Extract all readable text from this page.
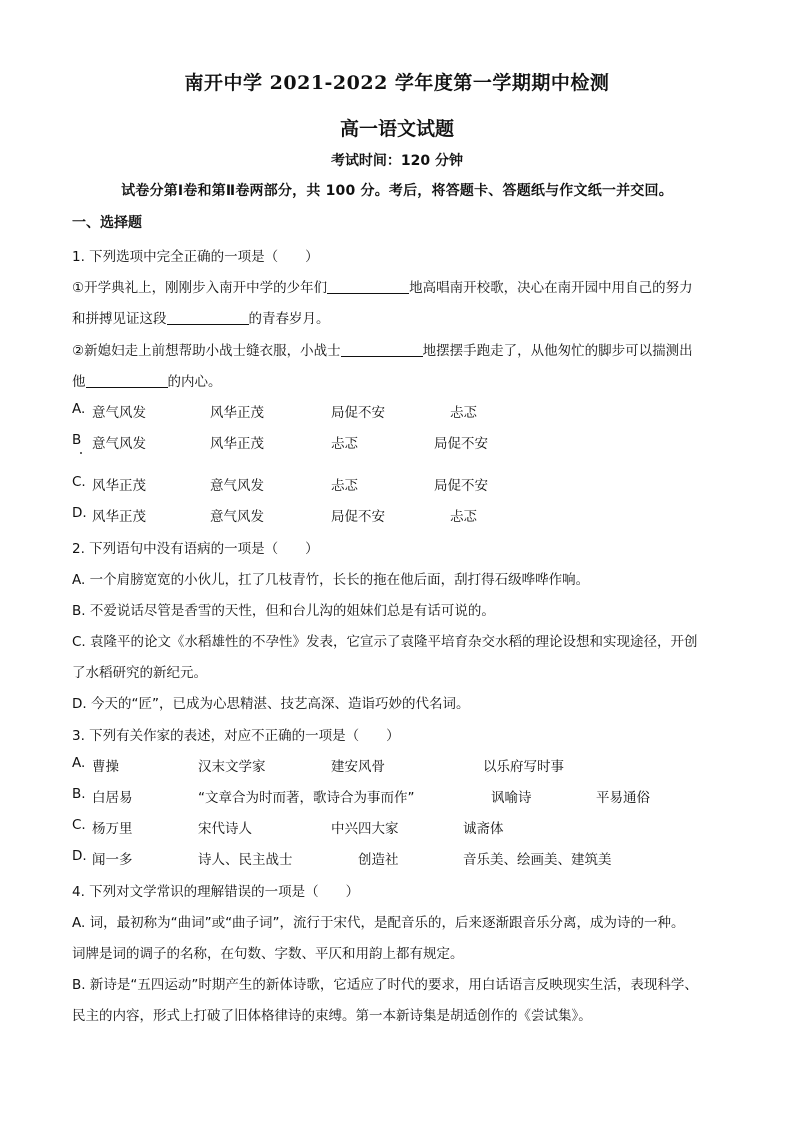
南开中学 2021-2022 学年度第一学期期中检测
高一语文试题
考试时间：120 分钟
试卷分第Ⅰ卷和第Ⅱ卷两部分，共 100 分。考后，将答题卡、答题纸与作文纸一并交回。
一、选择题
1. 下列选项中完全正确的一项是（　　）
①开学典礼上，刚刚步入南开中学的少年们	地高唱南开校歌，决心在南开园中用自己的努力
和拼搏见证这段	的青春岁月。
②新媳妇走上前想帮助小战士缝衣服，小战士	地摆摆手跑走了，从他匆忙的脚步可以揣测出
他	的内心。
A. 意气风发	风华正茂	局促不安	忐忑
B 意气风发	风华正茂	忐忑	局促不安
C. 风华正茂	意气风发	忐忑	局促不安
D. 风华正茂	意气风发	局促不安	忐忑
2. 下列语句中没有语病的一项是（　　）
A. 一个肩膀宽宽的小伙儿，扛了几枝青竹，长长的拖在他后面，刮打得石级哗哗作响。
B. 不爱说话尽管是香雪的天性，但和台儿沟的姐妹们总是有话可说的。
C. 袁隆平的论文《水稻雄性的不孕性》发表，它宣示了袁隆平培育杂交水稻的理论设想和实现途径，开创
了水稻研究的新纪元。
D. 今天的“匠”，已成为心思精湛、技艺高深、造诣巧妙的代名词。
3. 下列有关作家的表述，对应不正确的一项是（　　）
A. 曹操	汉末文学家	建安风骨	以乐府写时事
B. 白居易	“文章合为时而著，歌诗合为事而作”	讽喻诗	平易通俗
C. 杨万里	宋代诗人	中兴四大家	诚斋体
D. 闻一多	诗人、民主战士	创造社	音乐美、绘画美、建筑美
4. 下列对文学常识的理解错误的一项是（　　）
A. 词，最初称为“曲词”或“曲子词”，流行于宋代，是配音乐的，后来逐渐跟音乐分离，成为诗的一种。
词牌是词的调子的名称，在句数、字数、平仄和用韵上都有规定。
B. 新诗是“五四运动”时期产生的新体诗歌，它适应了时代的要求，用白话语言反映现实生活，表现科学、
民主的内容，形式上打破了旧体格律诗的束缚。第一本新诗集是胡适创作的《尝试集》。
